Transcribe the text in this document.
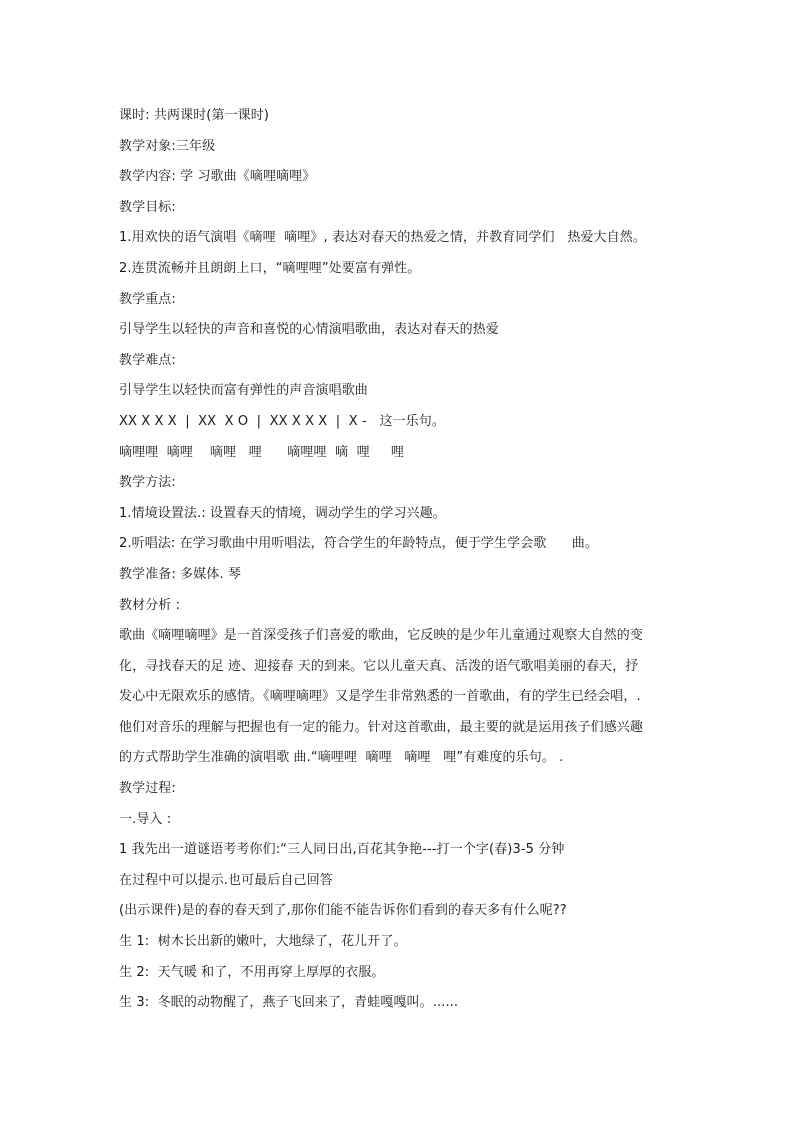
课时: 共两课时(第一课时)
教学对象:三年级
教学内容: 学 习歌曲《嘀哩嘀哩》
教学目标:
1.用欢快的语气演唱《嘀哩  嘀哩》, 表达对春天的热爱之情，并教育同学们   热爱大自然。
2.连贯流畅并且朗朗上口，“嘀哩哩”处要富有弹性。
教学重点:
引导学生以轻快的声音和喜悦的心情演唱歌曲，表达对春天的热爱
教学难点:
引导学生以轻快而富有弹性的声音演唱歌曲
XX X X X  |  XX  X O  |  XX X X X  |  X -   这一乐句。
嘀哩哩  嘀哩    嘀哩   哩      嘀哩哩  嘀  哩     哩
教学方法:
1.情境设置法.: 设置春天的情境，调动学生的学习兴趣。
2.听唱法: 在学习歌曲中用听唱法，符合学生的年龄特点，便于学生学会歌      曲。
教学准备: 多媒体. 琴
教材分析 :
歌曲《嘀哩嘀哩》是一首深受孩子们喜爱的歌曲，它反映的是少年儿童通过观察大自然的变
化，寻找春天的足 迹、迎接春 天的到来。它以儿童天真、活泼的语气歌唱美丽的春天，抒
发心中无限欢乐的感情。《嘀哩嘀哩》又是学生非常熟悉的一首歌曲，有的学生已经会唱，.
他们对音乐的理解与把握也有一定的能力。针对这首歌曲，最主要的就是运用孩子们感兴趣
的方式帮助学生准确的演唱歌 曲.“嘀哩哩  嘀哩   嘀哩   哩”有难度的乐句。 .
教学过程:
一.导入 :
1 我先出一道谜语考考你们:“三人同日出,百花其争艳---打一个字(春)3-5 分钟
在过程中可以提示.也可最后自己回答
(出示课件)是的春的春天到了,那你们能不能告诉你们看到的春天多有什么呢??
生 1:  树木长出新的嫩叶，大地绿了，花儿开了。
生 2:  天气暖 和了，不用再穿上厚厚的衣服。
生 3:  冬眠的动物醒了，燕子飞回来了，青蛙嘎嘎叫。......
